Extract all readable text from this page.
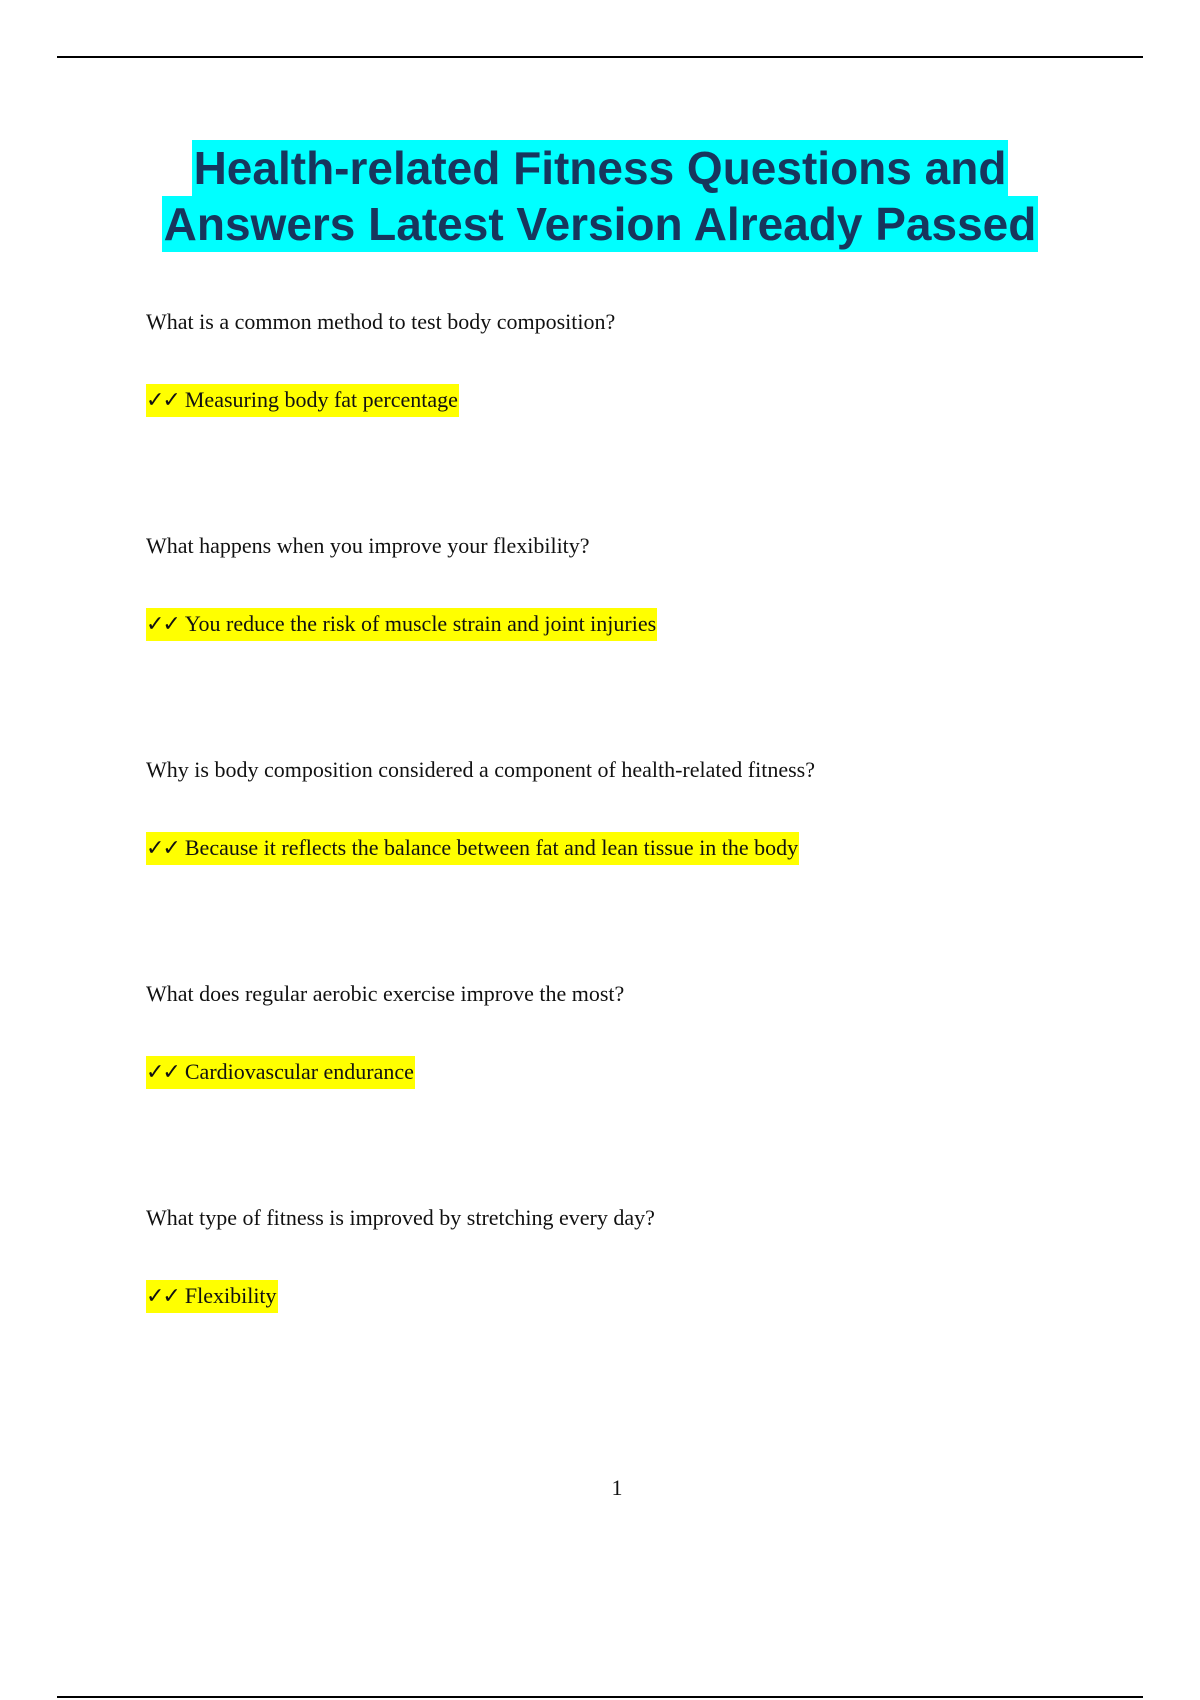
Health-related Fitness Questions and
Answers Latest Version Already Passed
What is a common method to test body composition?
✓✓ Measuring body fat percentage
What happens when you improve your flexibility?
✓✓ You reduce the risk of muscle strain and joint injuries
Why is body composition considered a component of health-related fitness?
✓✓ Because it reflects the balance between fat and lean tissue in the body
What does regular aerobic exercise improve the most?
✓✓ Cardiovascular endurance
What type of fitness is improved by stretching every day?
✓✓ Flexibility
1
